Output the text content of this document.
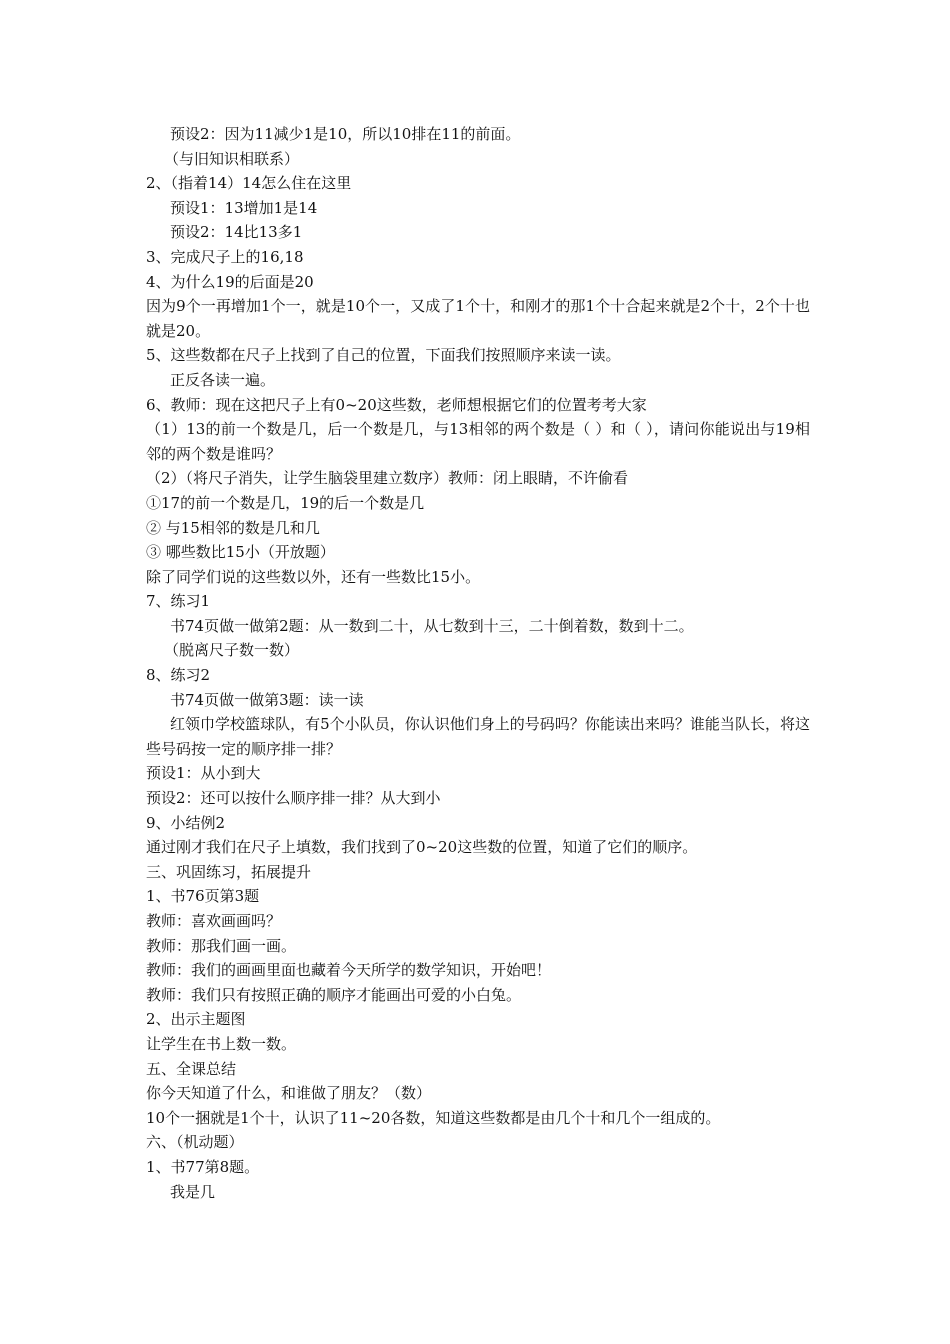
预设2：因为11减少1是10，所以10排在11的前面。
（与旧知识相联系）
2、（指着14）14怎么住在这里
预设1：13增加1是14
预设2：14比13多1
3、完成尺子上的16,18
4、为什么19的后面是20
因为9个一再增加1个一，就是10个一，又成了1个十，和刚才的那1个十合起来就是2个十，2个十也就是20。
5、这些数都在尺子上找到了自己的位置，下面我们按照顺序来读一读。
正反各读一遍。
6、教师：现在这把尺子上有0~20这些数，老师想根据它们的位置考考大家
（1）13的前一个数是几，后一个数是几，与13相邻的两个数是（ ）和（ ），请问你能说出与19相邻的两个数是谁吗？
（2）（将尺子消失，让学生脑袋里建立数序）教师：闭上眼睛，不许偷看
①17的前一个数是几，19的后一个数是几
② 与15相邻的数是几和几
③ 哪些数比15小（开放题）
除了同学们说的这些数以外，还有一些数比15小。
7、练习1
书74页做一做第2题：从一数到二十，从七数到十三，二十倒着数，数到十二。
（脱离尺子数一数）
8、练习2
书74页做一做第3题：读一读
红领巾学校篮球队，有5个小队员，你认识他们身上的号码吗？你能读出来吗？谁能当队长，将这些号码按一定的顺序排一排？
预设1：从小到大
预设2：还可以按什么顺序排一排？从大到小
9、小结例2
通过刚才我们在尺子上填数，我们找到了0~20这些数的位置，知道了它们的顺序。
三、巩固练习，拓展提升
1、书76页第3题
教师：喜欢画画吗？
教师：那我们画一画。
教师：我们的画画里面也藏着今天所学的数学知识，开始吧！
教师：我们只有按照正确的顺序才能画出可爱的小白兔。
2、出示主题图
让学生在书上数一数。
五、全课总结
你今天知道了什么，和谁做了朋友？（数）
10个一捆就是1个十，认识了11~20各数，知道这些数都是由几个十和几个一组成的。
六、（机动题）
1、书77第8题。
我是几
